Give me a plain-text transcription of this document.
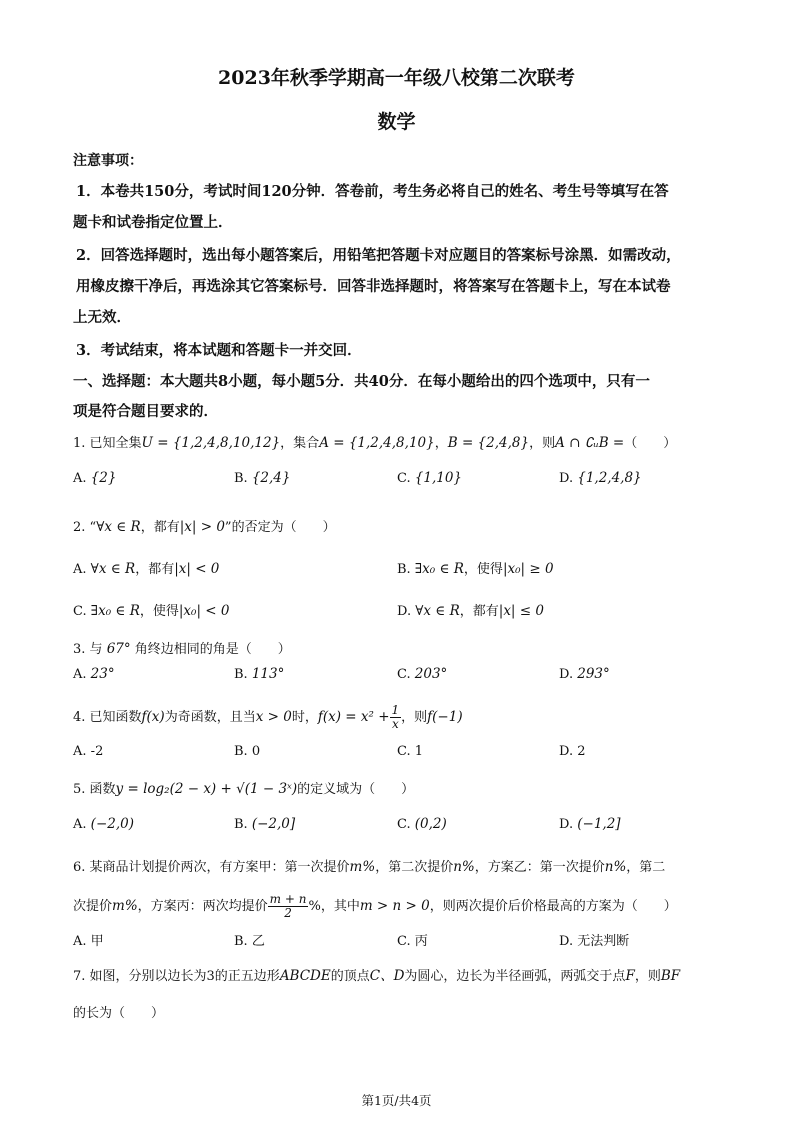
2023年秋季学期高一年级八校第二次联考
数学
注意事项：
1．本卷共150分，考试时间120分钟．答卷前，考生务必将自己的姓名、考生号等填写在答
题卡和试卷指定位置上．
2．回答选择题时，选出每小题答案后，用铅笔把答题卡对应题目的答案标号涂黑．如需改动，
用橡皮擦干净后，再选涂其它答案标号．回答非选择题时，将答案写在答题卡上，写在本试卷
上无效．
3．考试结束，将本试题和答题卡一并交回．
一、选择题：本大题共8小题，每小题5分．共40分．在每小题给出的四个选项中，只有一
项是符合题目要求的．
1. 已知全集U = {1,2,4,8,10,12}，集合A = {1,2,4,8,10}，B = {2,4,8}，则A ∩ ∁ᵤB =（　　）
A. {2}	B. {2,4}	C. {1,10}	D. {1,2,4,8}
2. “∀x ∈ R，都有|x| > 0”的否定为（　　）
A. ∀x ∈ R，都有|x| < 0	B. ∃x₀ ∈ R，使得|x₀| ≥ 0
C. ∃x₀ ∈ R，使得|x₀| < 0	D. ∀x ∈ R，都有|x| ≤ 0
3. 与 67° 角终边相同的角是（　　）
A. 23°	B. 113°	C. 203°	D. 293°
4. 已知函数f(x)为奇函数，且当x > 0时，$f(x) = x^2 + \frac{1}{x}$ ，则f(−1)
A. -2	B. 0	C. 1	D. 2
5. 函数y = log₂(2 − x) + √(1 − 3ˣ)的定义域为（　　）
A. (−2,0)	B. (−2,0]	C. (0,2)	D. (−1,2]
6. 某商品计划提价两次，有方案甲：第一次提价m%，第二次提价n%，方案乙：第一次提价n%，第二
次提价m%，方案丙：两次均提价 $\frac{m + n}{2}$ %，其中m > n > 0，则两次提价后价格最高的方案为（　　）
A. 甲	B. 乙	C. 丙	D. 无法判断
7. 如图，分别以边长为3的正五边形ABCDE的顶点C、D为圆心，边长为半径画弧，两弧交于点F，则BF
的长为（　　）
第1页/共4页
